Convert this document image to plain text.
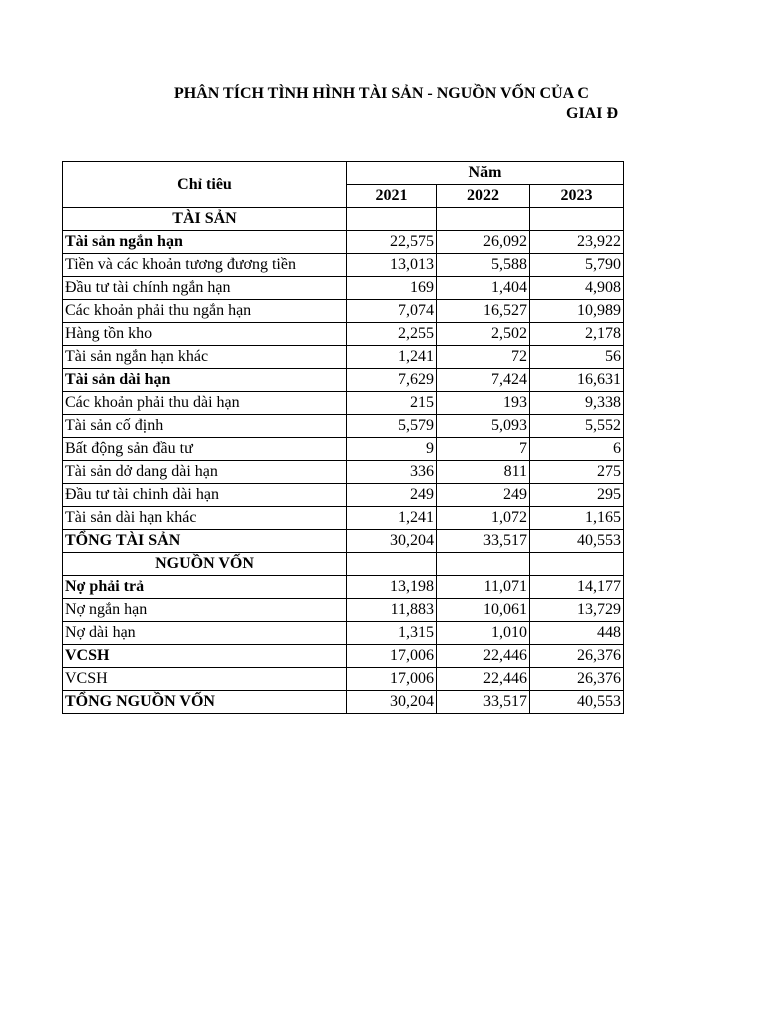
PHÂN TÍCH TÌNH HÌNH TÀI SẢN - NGUỒN VỐN CỦA C
GIAI Đ
Chỉ tiêu	Năm		
	2021	2022	2023
TÀI SẢN			
Tài sản ngắn hạn	22,575	26,092	23,922
Tiền và các khoản tương đương tiền	13,013	5,588	5,790
Đầu tư tài chính ngắn hạn	169	1,404	4,908
Các khoản phải thu ngắn hạn	7,074	16,527	10,989
Hàng tồn kho	2,255	2,502	2,178
Tài sản ngắn hạn khác	1,241	72	56
Tài sản dài hạn	7,629	7,424	16,631
Các khoản phải thu dài hạn	215	193	9,338
Tài sản cố định	5,579	5,093	5,552
Bất động sản đầu tư	9	7	6
Tài sản dở dang dài hạn	336	811	275
Đầu tư tài chinh dài hạn	249	249	295
Tài sản dài hạn khác	1,241	1,072	1,165
TỔNG TÀI SẢN	30,204	33,517	40,553
NGUỒN VỐN			
Nợ phải trả	13,198	11,071	14,177
Nợ ngắn hạn	11,883	10,061	13,729
Nợ dài hạn	1,315	1,010	448
VCSH	17,006	22,446	26,376
VCSH	17,006	22,446	26,376
TỔNG NGUỒN VỐN	30,204	33,517	40,553
